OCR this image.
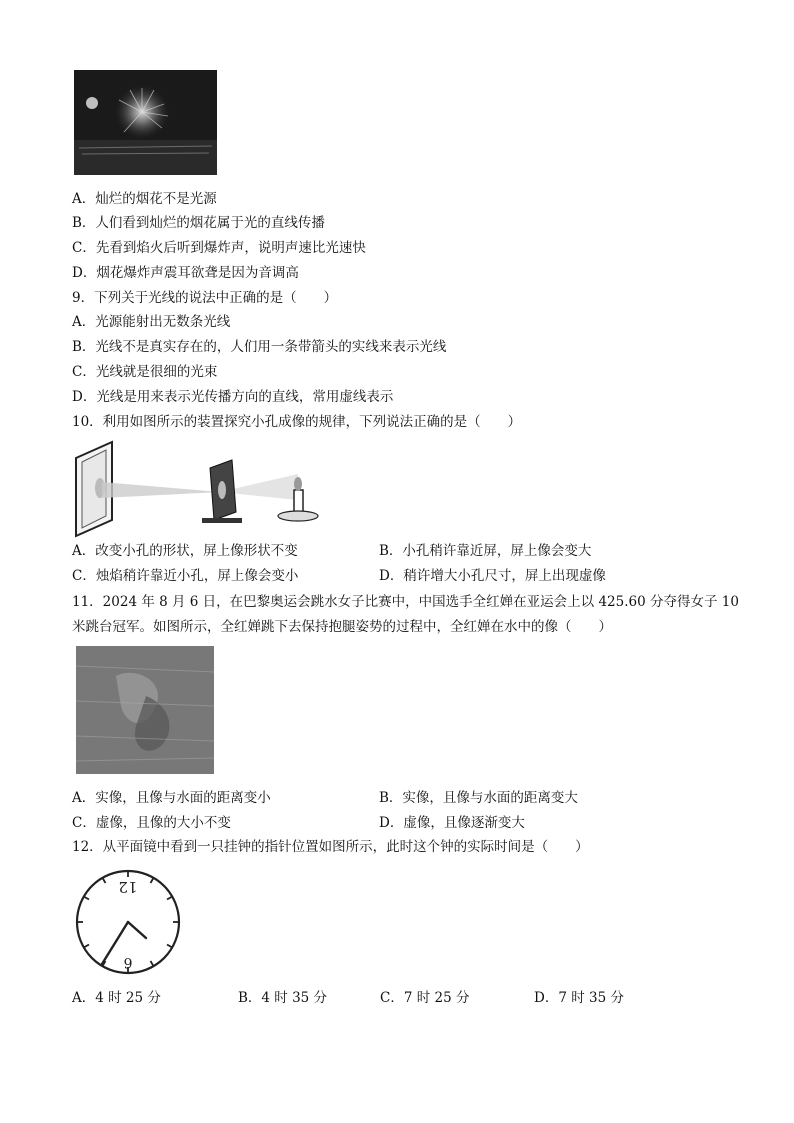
A．灿烂的烟花不是光源
B．人们看到灿烂的烟花属于光的直线传播
C．先看到焰火后听到爆炸声，说明声速比光速快
D．烟花爆炸声震耳欲聋是因为音调高
9．下列关于光线的说法中正确的是（　　）
A．光源能射出无数条光线
B．光线不是真实存在的，人们用一条带箭头的实线来表示光线
C．光线就是很细的光束
D．光线是用来表示光传播方向的直线，常用虚线表示
10．利用如图所示的装置探究小孔成像的规律，下列说法正确的是（　　）
A．改变小孔的形状，屏上像形状不变	B．小孔稍许靠近屏，屏上像会变大
C．烛焰稍许靠近小孔，屏上像会变小	D．稍许增大小孔尺寸，屏上出现虚像
11．2024 年 8 月 6 日，在巴黎奥运会跳水女子比赛中，中国选手全红婵在亚运会上以 425.60 分夺得女子 10
米跳台冠军。如图所示，全红婵跳下去保持抱腿姿势的过程中，全红婵在水中的像（　　）
A．实像，且像与水面的距离变小	B．实像，且像与水面的距离变大
C．虚像，且像的大小不变	D．虚像，且像逐渐变大
12．从平面镜中看到一只挂钟的指针位置如图所示，此时这个钟的实际时间是（　　）
12
6
A．4 时 25 分	B．4 时 35 分	C．7 时 25 分	D．7 时 35 分
